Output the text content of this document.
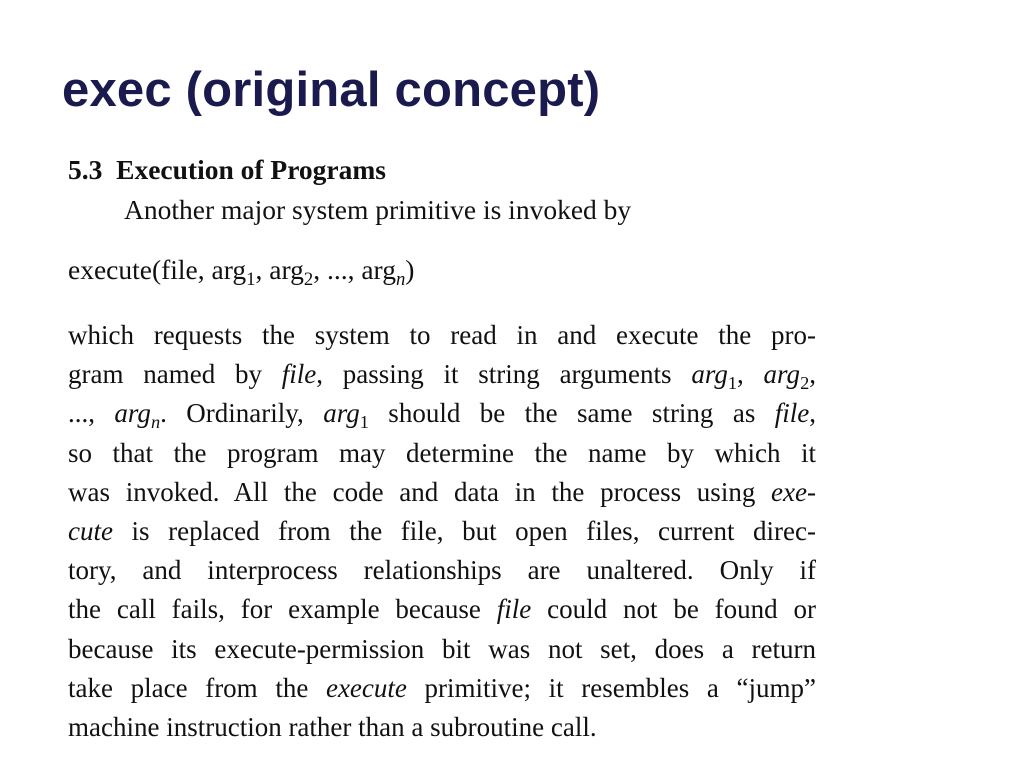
exec (original concept)
5.3 Execution of Programs
Another major system primitive is invoked by
execute(file, arg$_1$, arg$_2$, ..., arg$_n$)
which requests the system to read in and execute the pro-
gram named by file, passing it string arguments arg$_1$, arg$_2$,
..., arg$_n$. Ordinarily, arg$_1$ should be the same string as file,
so that the program may determine the name by which it
was invoked. All the code and data in the process using exe-
cute is replaced from the file, but open files, current direc-
tory, and interprocess relationships are unaltered. Only if
the call fails, for example because file could not be found or
because its execute-permission bit was not set, does a return
take place from the execute primitive; it resembles a “jump”
machine instruction rather than a subroutine call.
